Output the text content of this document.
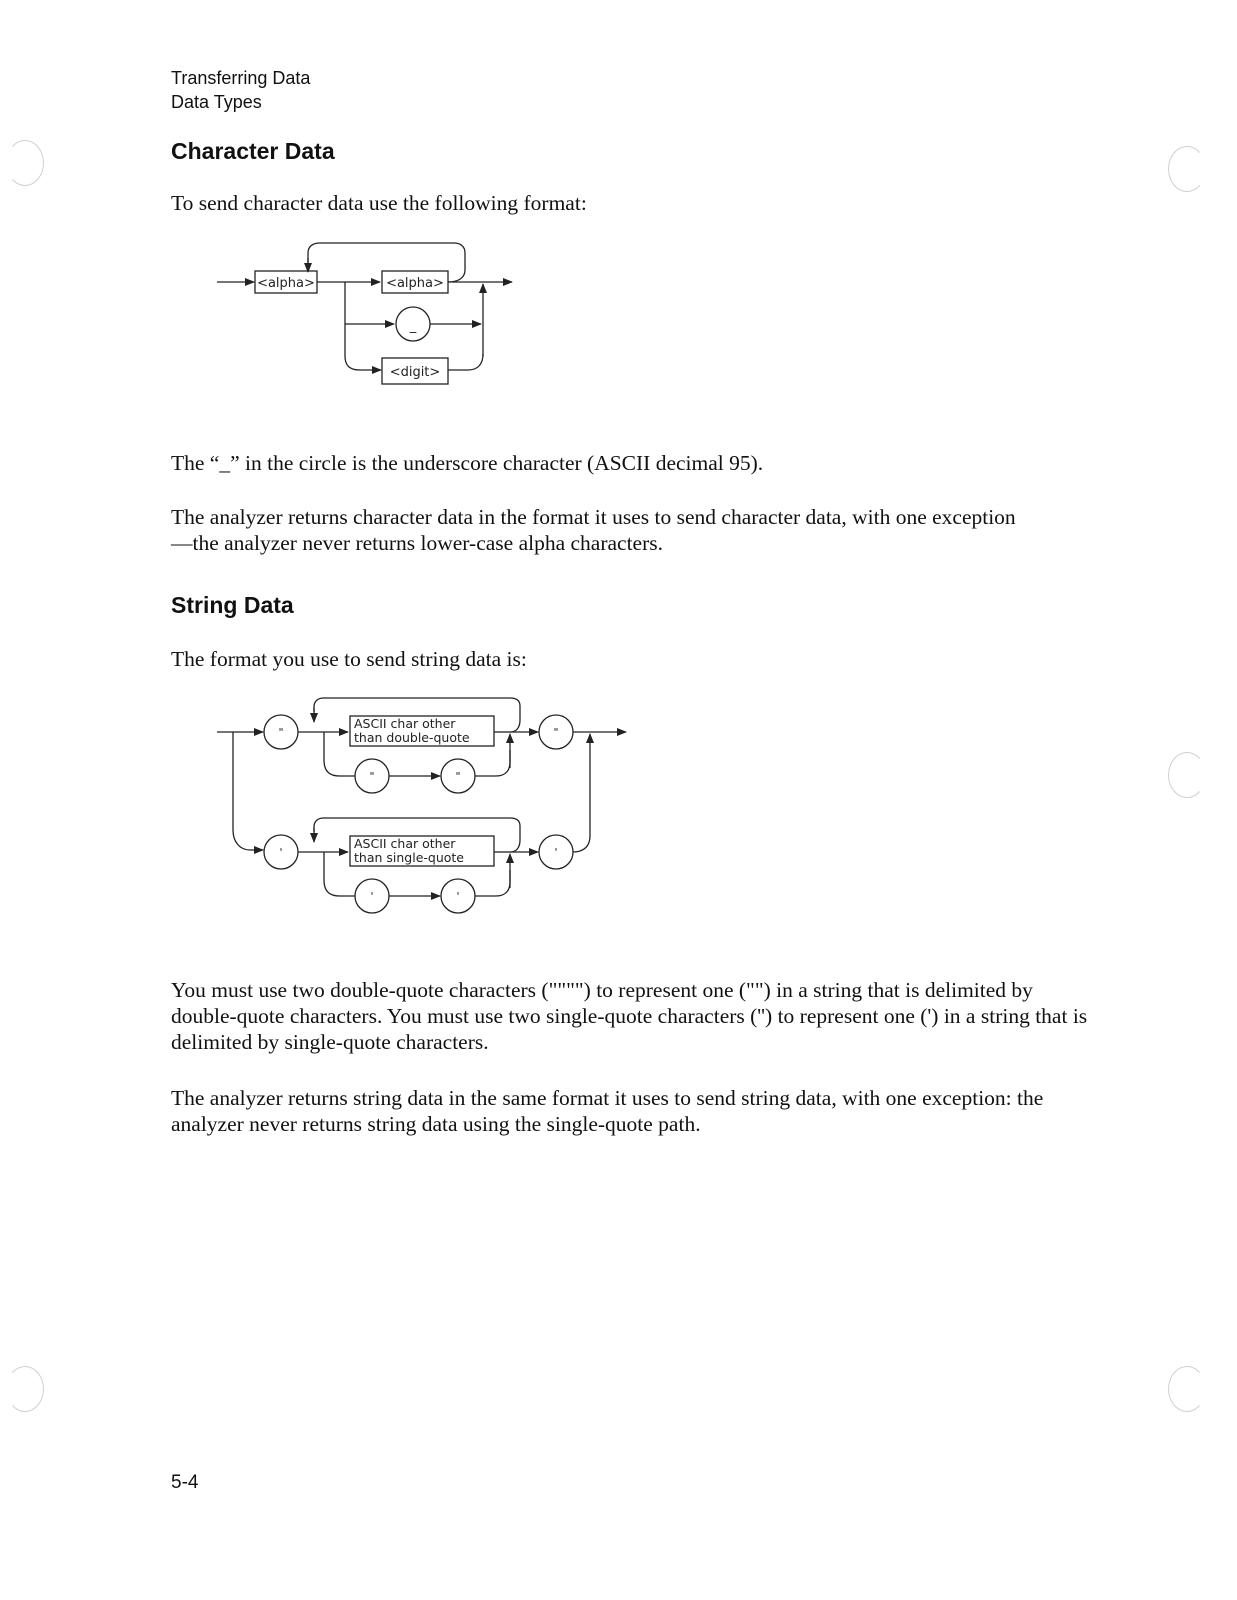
Transferring Data
Data Types
Character Data
To send character data use the following format:
<alpha>	<alpha>
_
<digit>
The “_” in the circle is the underscore character (ASCII decimal 95).
The analyzer returns character data in the format it uses to send character data, with one exception—the analyzer never returns lower-case alpha characters.
String Data
The format you use to send string data is:
"
ASCII char other
than double-quote	"
"	"
'
ASCII char other
than single-quote	'
'	'
You must use two double-quote characters ("""") to represent one ("") in a string that is delimited by double-quote characters. You must use two single-quote characters ('') to represent one (') in a string that is delimited by single-quote characters.
The analyzer returns string data in the same format it uses to send string data, with one exception: the analyzer never returns string data using the single-quote path.
5-4
